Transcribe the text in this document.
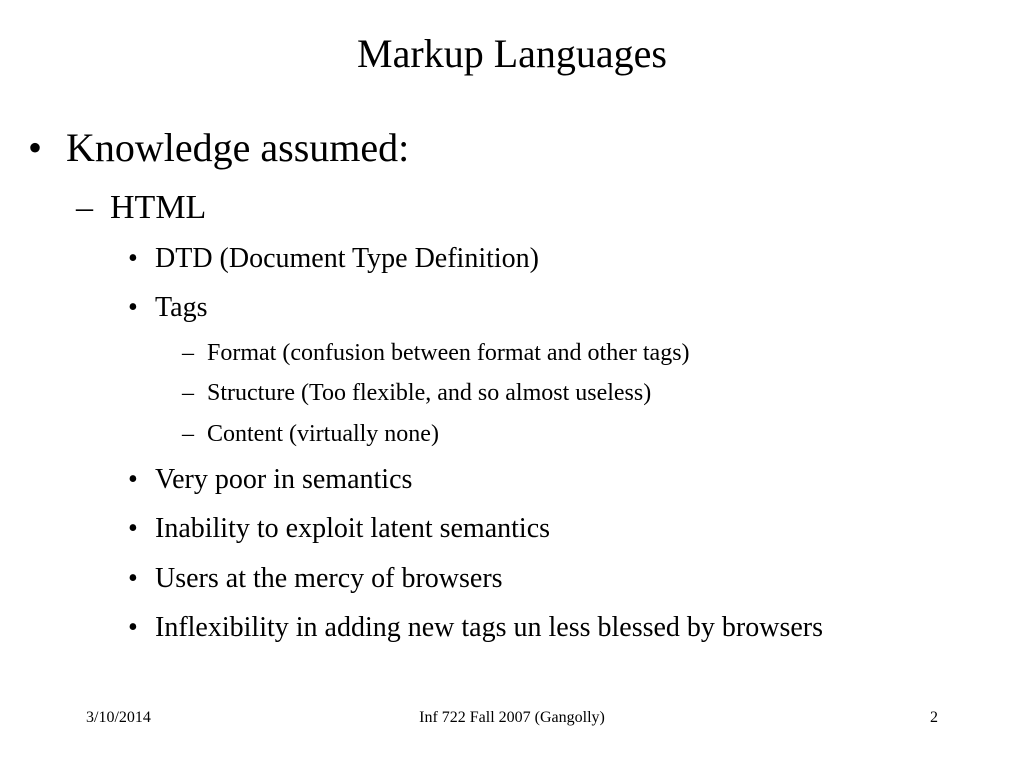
Markup Languages
• Knowledge assumed:
– HTML
• DTD (Document Type Definition)
• Tags
– Format (confusion between format and other tags)
– Structure (Too flexible, and so almost useless)
– Content (virtually none)
• Very poor in semantics
• Inability to exploit latent semantics
• Users at the mercy of browsers
• Inflexibility in adding new tags un less blessed by browsers
3/10/2014	Inf 722 Fall 2007 (Gangolly)	2
